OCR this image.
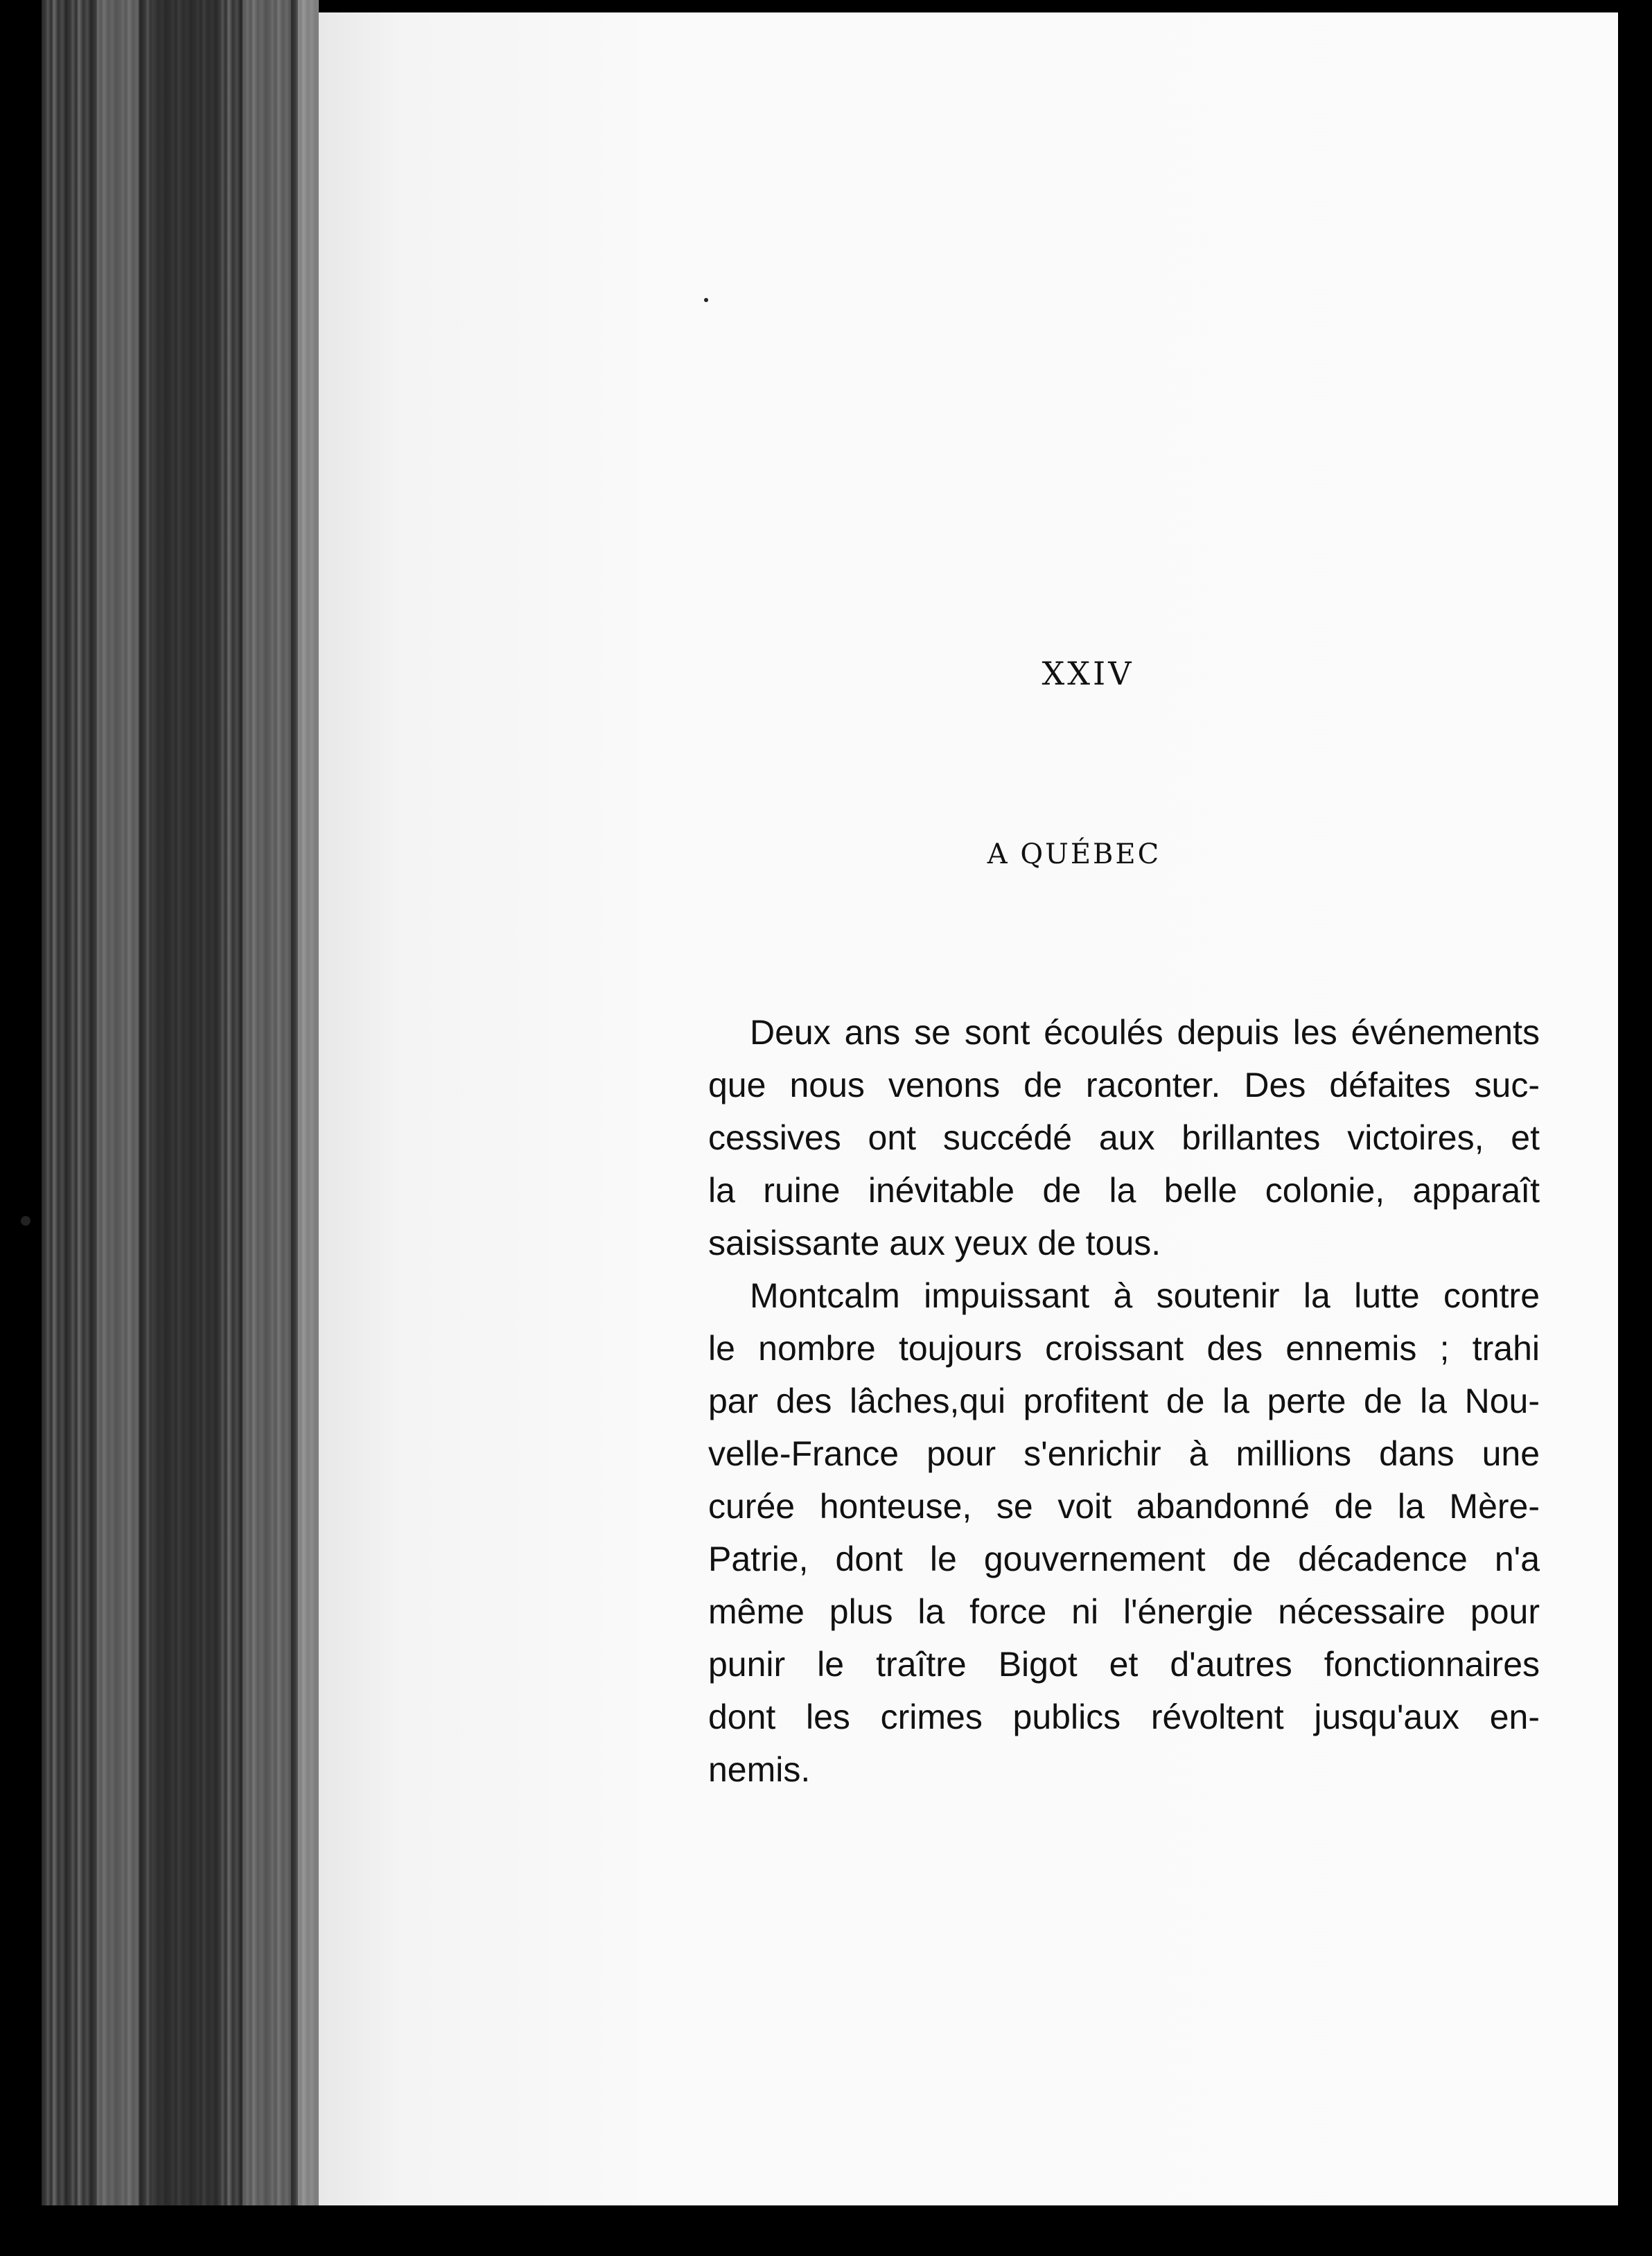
XXIV
A QUÉBEC

Deux ans se sont écoulés depuis les événements
que nous venons de raconter. Des défaites suc-
cessives ont succédé aux brillantes victoires, et
la ruine inévitable de la belle colonie, apparaît
saisissante aux yeux de tous.

Montcalm impuissant à soutenir la lutte contre
le nombre toujours croissant des ennemis ; trahi
par des lâches,qui profitent de la perte de la Nou-
velle-France pour s'enrichir à millions dans une
curée honteuse, se voit abandonné de la Mère-
Patrie, dont le gouvernement de décadence n'a
même plus la force ni l'énergie nécessaire pour
punir le traître Bigot et d'autres fonctionnaires
dont les crimes publics révoltent jusqu'aux en-
nemis.
